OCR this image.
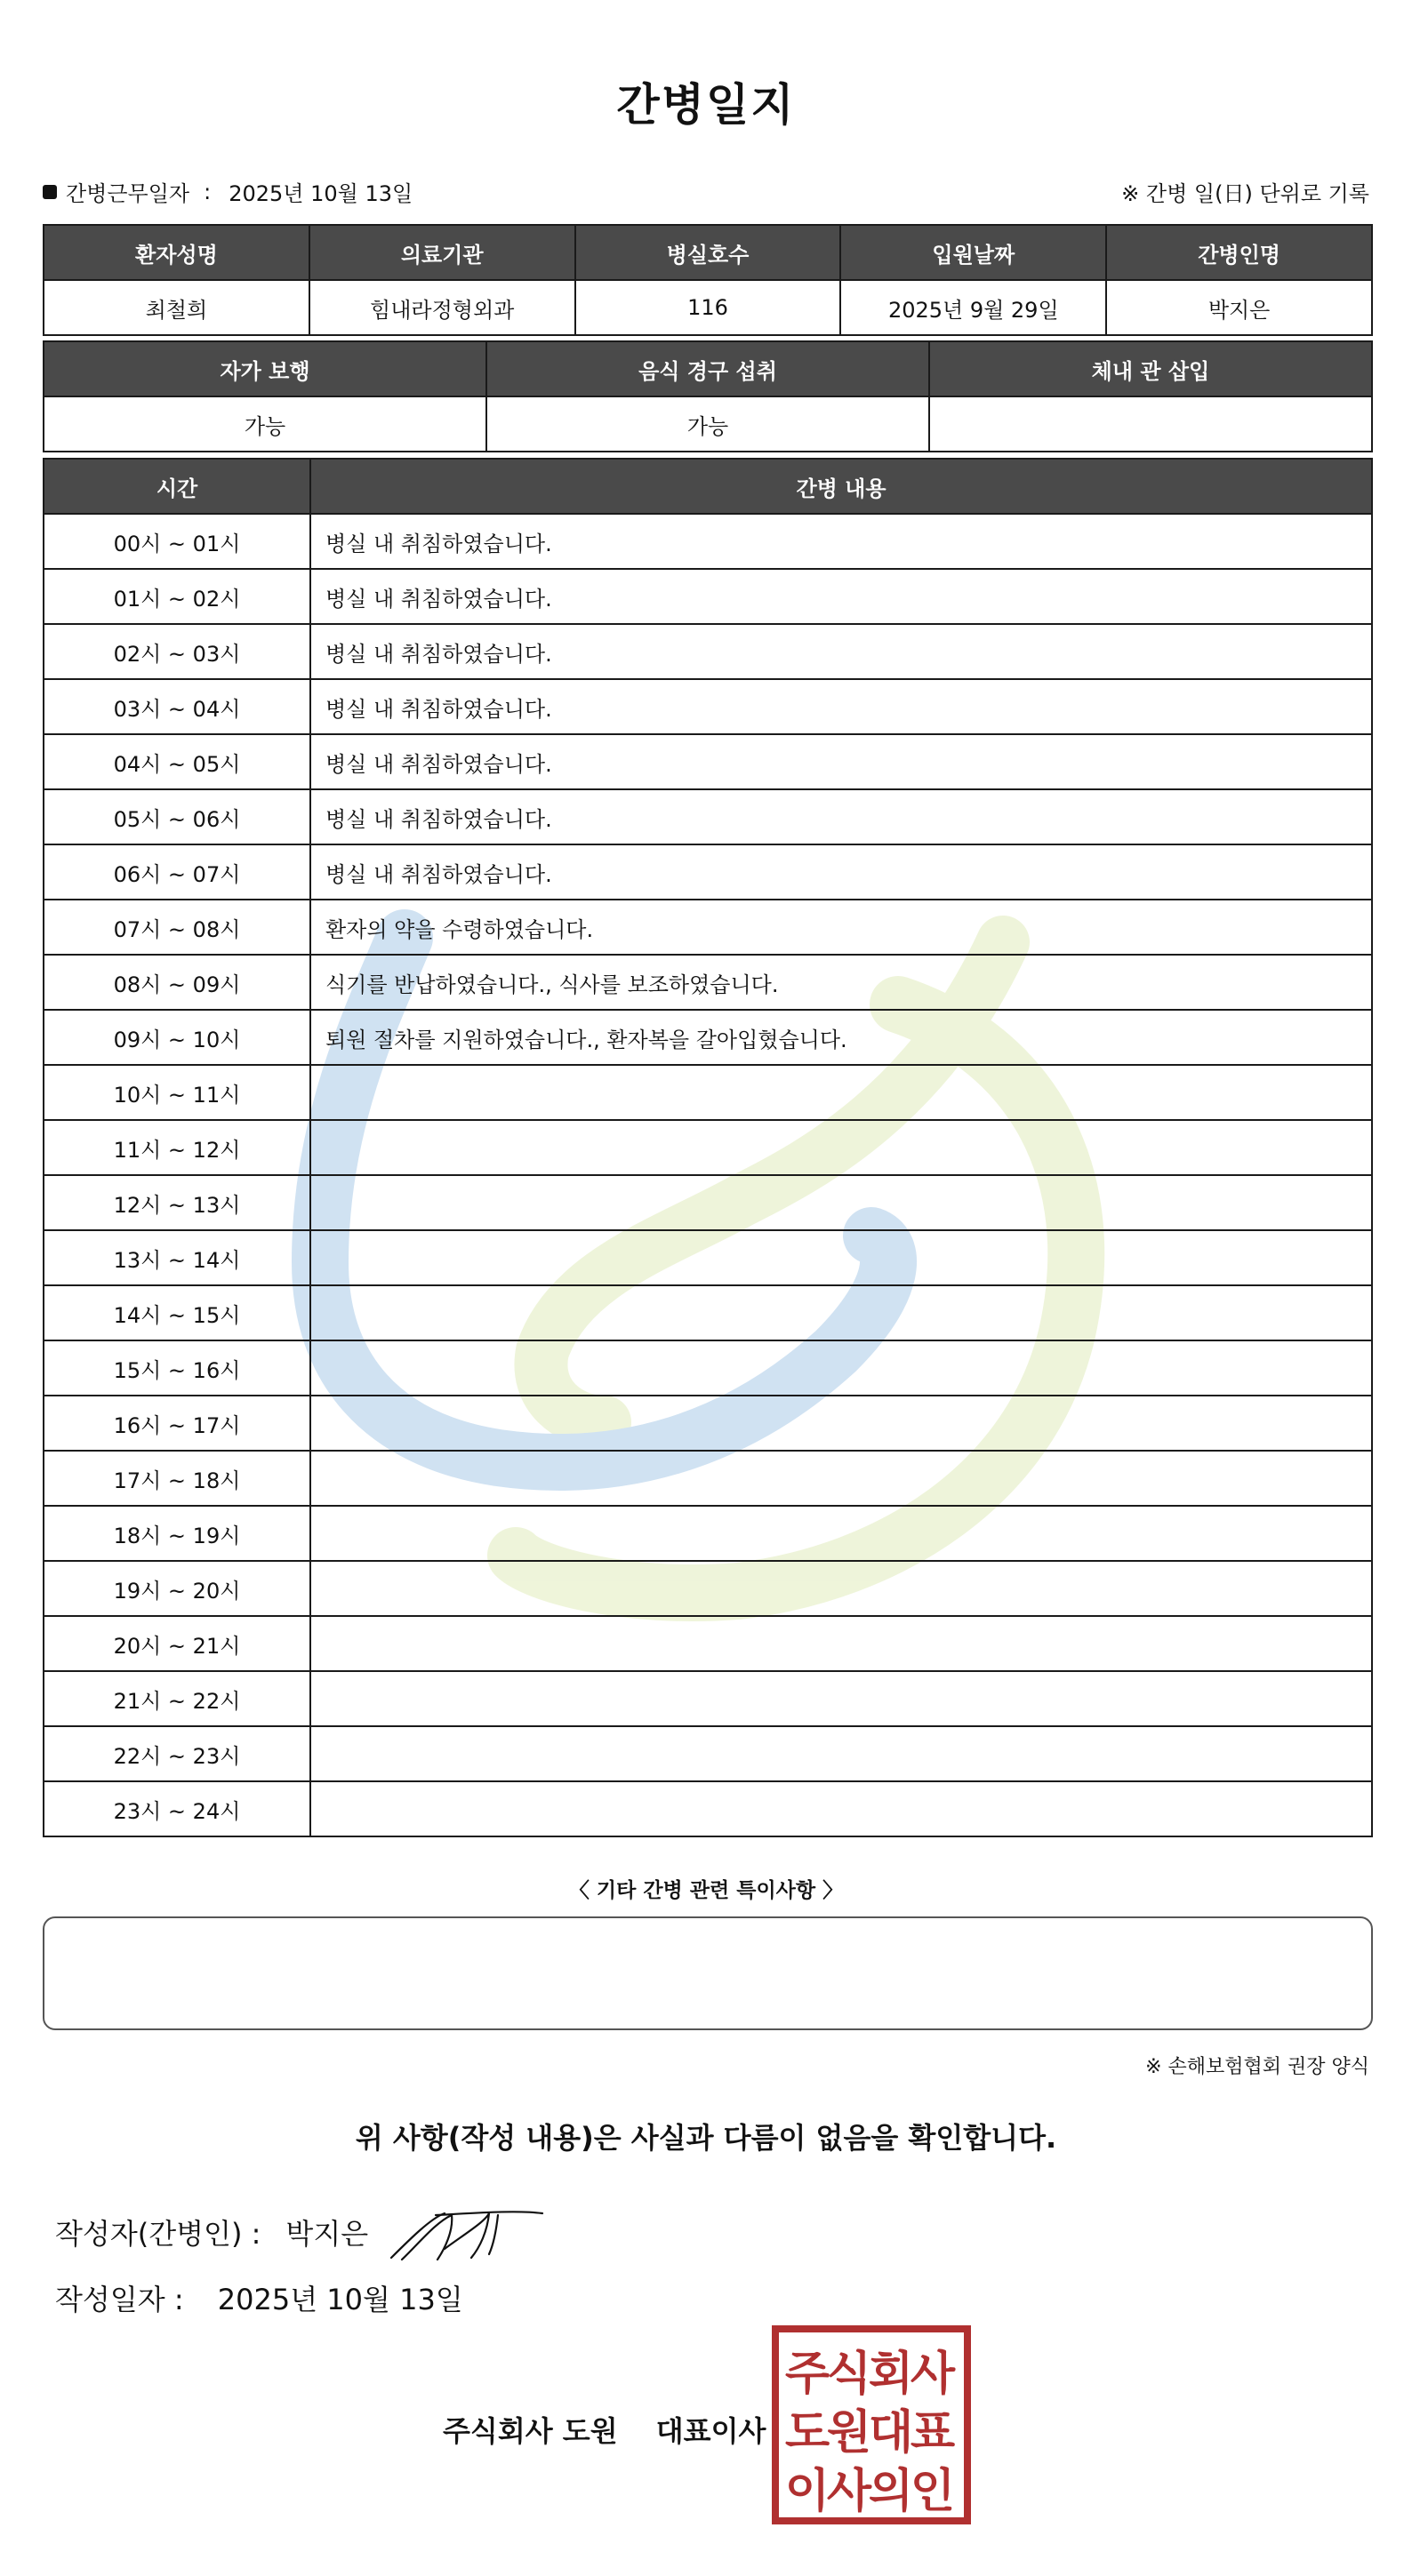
간병일지
간병근무일자 : 2025년 10월 13일	※ 간병 일(日) 단위로 기록
환자성명	의료기관	병실호수	입원날짜	간병인명
최철희	힘내라정형외과	116	2025년 9월 29일	박지은
자가 보행	음식 경구 섭취	체내 관 삽입
가능	가능	
시간	간병 내용
00시 ~ 01시	병실 내 취침하였습니다.
01시 ~ 02시	병실 내 취침하였습니다.
02시 ~ 03시	병실 내 취침하였습니다.
03시 ~ 04시	병실 내 취침하였습니다.
04시 ~ 05시	병실 내 취침하였습니다.
05시 ~ 06시	병실 내 취침하였습니다.
06시 ~ 07시	병실 내 취침하였습니다.
07시 ~ 08시	환자의 약을 수령하였습니다.
08시 ~ 09시	식기를 반납하였습니다., 식사를 보조하였습니다.
09시 ~ 10시	퇴원 절차를 지원하였습니다., 환자복을 갈아입혔습니다.
10시 ~ 11시	
11시 ~ 12시	
12시 ~ 13시	
13시 ~ 14시	
14시 ~ 15시	
15시 ~ 16시	
16시 ~ 17시	
17시 ~ 18시	
18시 ~ 19시	
19시 ~ 20시	
20시 ~ 21시	
21시 ~ 22시	
22시 ~ 23시	
23시 ~ 24시	
〈 기타 간병 관련 특이사항 〉
※ 손해보험협회 권장 양식
위 사항(작성 내용)은 사실과 다름이 없음을 확인합니다.
작성자(간병인) : 박지은
작성일자 : 2025년 10월 13일
주식회사 도원 대표이사
주
식
회
사
도
원
대
표
이
사
의
인
